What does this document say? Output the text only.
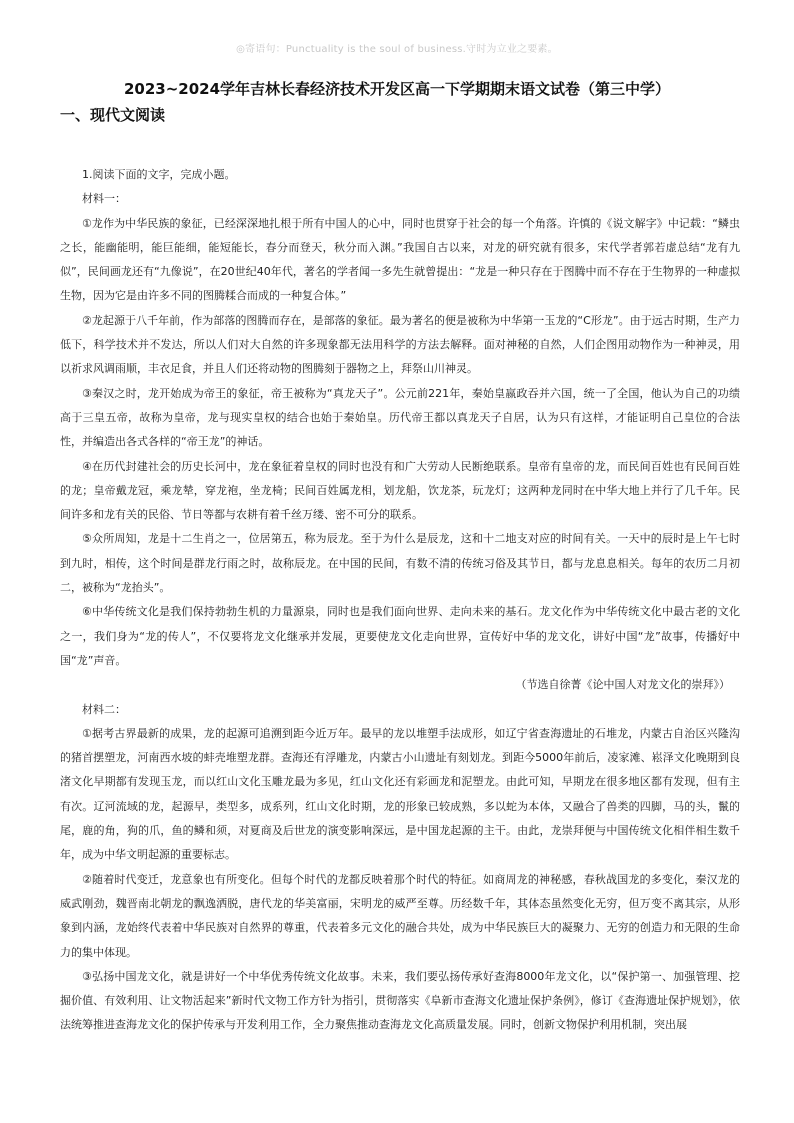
◎寄语句：Punctuality is the soul of business.守时为立业之要素。
2023~2024学年吉林长春经济技术开发区高一下学期期末语文试卷（第三中学）
一、现代文阅读

1.阅读下面的文字，完成小题。

材料一：

①龙作为中华民族的象征，已经深深地扎根于所有中国人的心中，同时也贯穿于社会的每一个角落。许慎的《说文解字》中记载：“鳞虫之长，能幽能明，能巨能细，能短能长，春分而登天，秋分而入渊。”我国自古以来，对龙的研究就有很多，宋代学者郭若虚总结“龙有九似”，民间画龙还有“九像说”，在20世纪40年代，著名的学者闻一多先生就曾提出：“龙是一种只存在于图腾中而不存在于生物界的一种虚拟生物，因为它是由许多不同的图腾糅合而成的一种复合体。”

②龙起源于八千年前，作为部落的图腾而存在，是部落的象征。最为著名的便是被称为中华第一玉龙的“C形龙”。由于远古时期，生产力低下，科学技术并不发达，所以人们对大自然的许多现象都无法用科学的方法去解释。面对神秘的自然，人们企图用动物作为一种神灵，用以祈求风调雨顺，丰衣足食，并且人们还将动物的图腾刻于器物之上，拜祭山川神灵。

③秦汉之时，龙开始成为帝王的象征，帝王被称为“真龙天子”。公元前221年，秦始皇嬴政吞并六国，统一了全国，他认为自己的功绩高于三皇五帝，故称为皇帝，龙与现实皇权的结合也始于秦始皇。历代帝王都以真龙天子自居，认为只有这样，才能证明自己皇位的合法性，并编造出各式各样的“帝王龙”的神话。

④在历代封建社会的历史长河中，龙在象征着皇权的同时也没有和广大劳动人民断绝联系。皇帝有皇帝的龙，而民间百姓也有民间百姓的龙；皇帝戴龙冠，乘龙辇，穿龙袍，坐龙椅；民间百姓属龙相，划龙船，饮龙茶，玩龙灯；这两种龙同时在中华大地上并行了几千年。民间许多和龙有关的民俗、节日等都与农耕有着千丝万缕、密不可分的联系。

⑤众所周知，龙是十二生肖之一，位居第五，称为辰龙。至于为什么是辰龙，这和十二地支对应的时间有关。一天中的辰时是上午七时到九时，相传，这个时间是群龙行雨之时，故称辰龙。在中国的民间，有数不清的传统习俗及其节日，都与龙息息相关。每年的农历二月初二，被称为“龙抬头”。

⑥中华传统文化是我们保持勃勃生机的力量源泉，同时也是我们面向世界、走向未来的基石。龙文化作为中华传统文化中最古老的文化之一，我们身为“龙的传人”，不仅要将龙文化继承并发展，更要使龙文化走向世界，宣传好中华的龙文化，讲好中国“龙”故事，传播好中国“龙”声音。

（节选自徐菁《论中国人对龙文化的崇拜》）

材料二：

①据考古界最新的成果，龙的起源可追溯到距今近万年。最早的龙以堆塑手法成形，如辽宁省查海遗址的石堆龙，内蒙古自治区兴隆沟的猪首摆塑龙，河南西水坡的蚌壳堆塑龙群。查海还有浮雕龙，内蒙古小山遗址有刻划龙。到距今5000年前后，凌家滩、崧泽文化晚期到良渚文化早期都有发现玉龙，而以红山文化玉雕龙最为多见，红山文化还有彩画龙和泥塑龙。由此可知，早期龙在很多地区都有发现，但有主有次。辽河流域的龙，起源早，类型多，成系列，红山文化时期，龙的形象已较成熟，多以蛇为本体，又融合了兽类的四脚，马的头，鬣的尾，鹿的角，狗的爪，鱼的鳞和须，对夏商及后世龙的演变影响深远，是中国龙起源的主干。由此，龙崇拜便与中国传统文化相伴相生数千年，成为中华文明起源的重要标志。

②随着时代变迁，龙意象也有所变化。但每个时代的龙都反映着那个时代的特征。如商周龙的神秘感，春秋战国龙的多变化，秦汉龙的威武刚劲，魏晋南北朝龙的飘逸洒脱，唐代龙的华美富丽，宋明龙的威严至尊。历经数千年，其体态虽然变化无穷，但万变不离其宗，从形象到内涵，龙始终代表着中华民族对自然界的尊重，代表着多元文化的融合共处，成为中华民族巨大的凝聚力、无穷的创造力和无限的生命力的集中体现。

③弘扬中国龙文化，就是讲好一个中华优秀传统文化故事。未来，我们要弘扬传承好查海8000年龙文化，以“保护第一、加强管理、挖掘价值、有效利用、让文物活起来”新时代文物工作方针为指引，贯彻落实《阜新市查海文化遗址保护条例》，修订《查海遗址保护规划》，依法统筹推进查海龙文化的保护传承与开发利用工作，全力聚焦推动查海龙文化高质量发展。同时，创新文物保护利用机制，突出展
